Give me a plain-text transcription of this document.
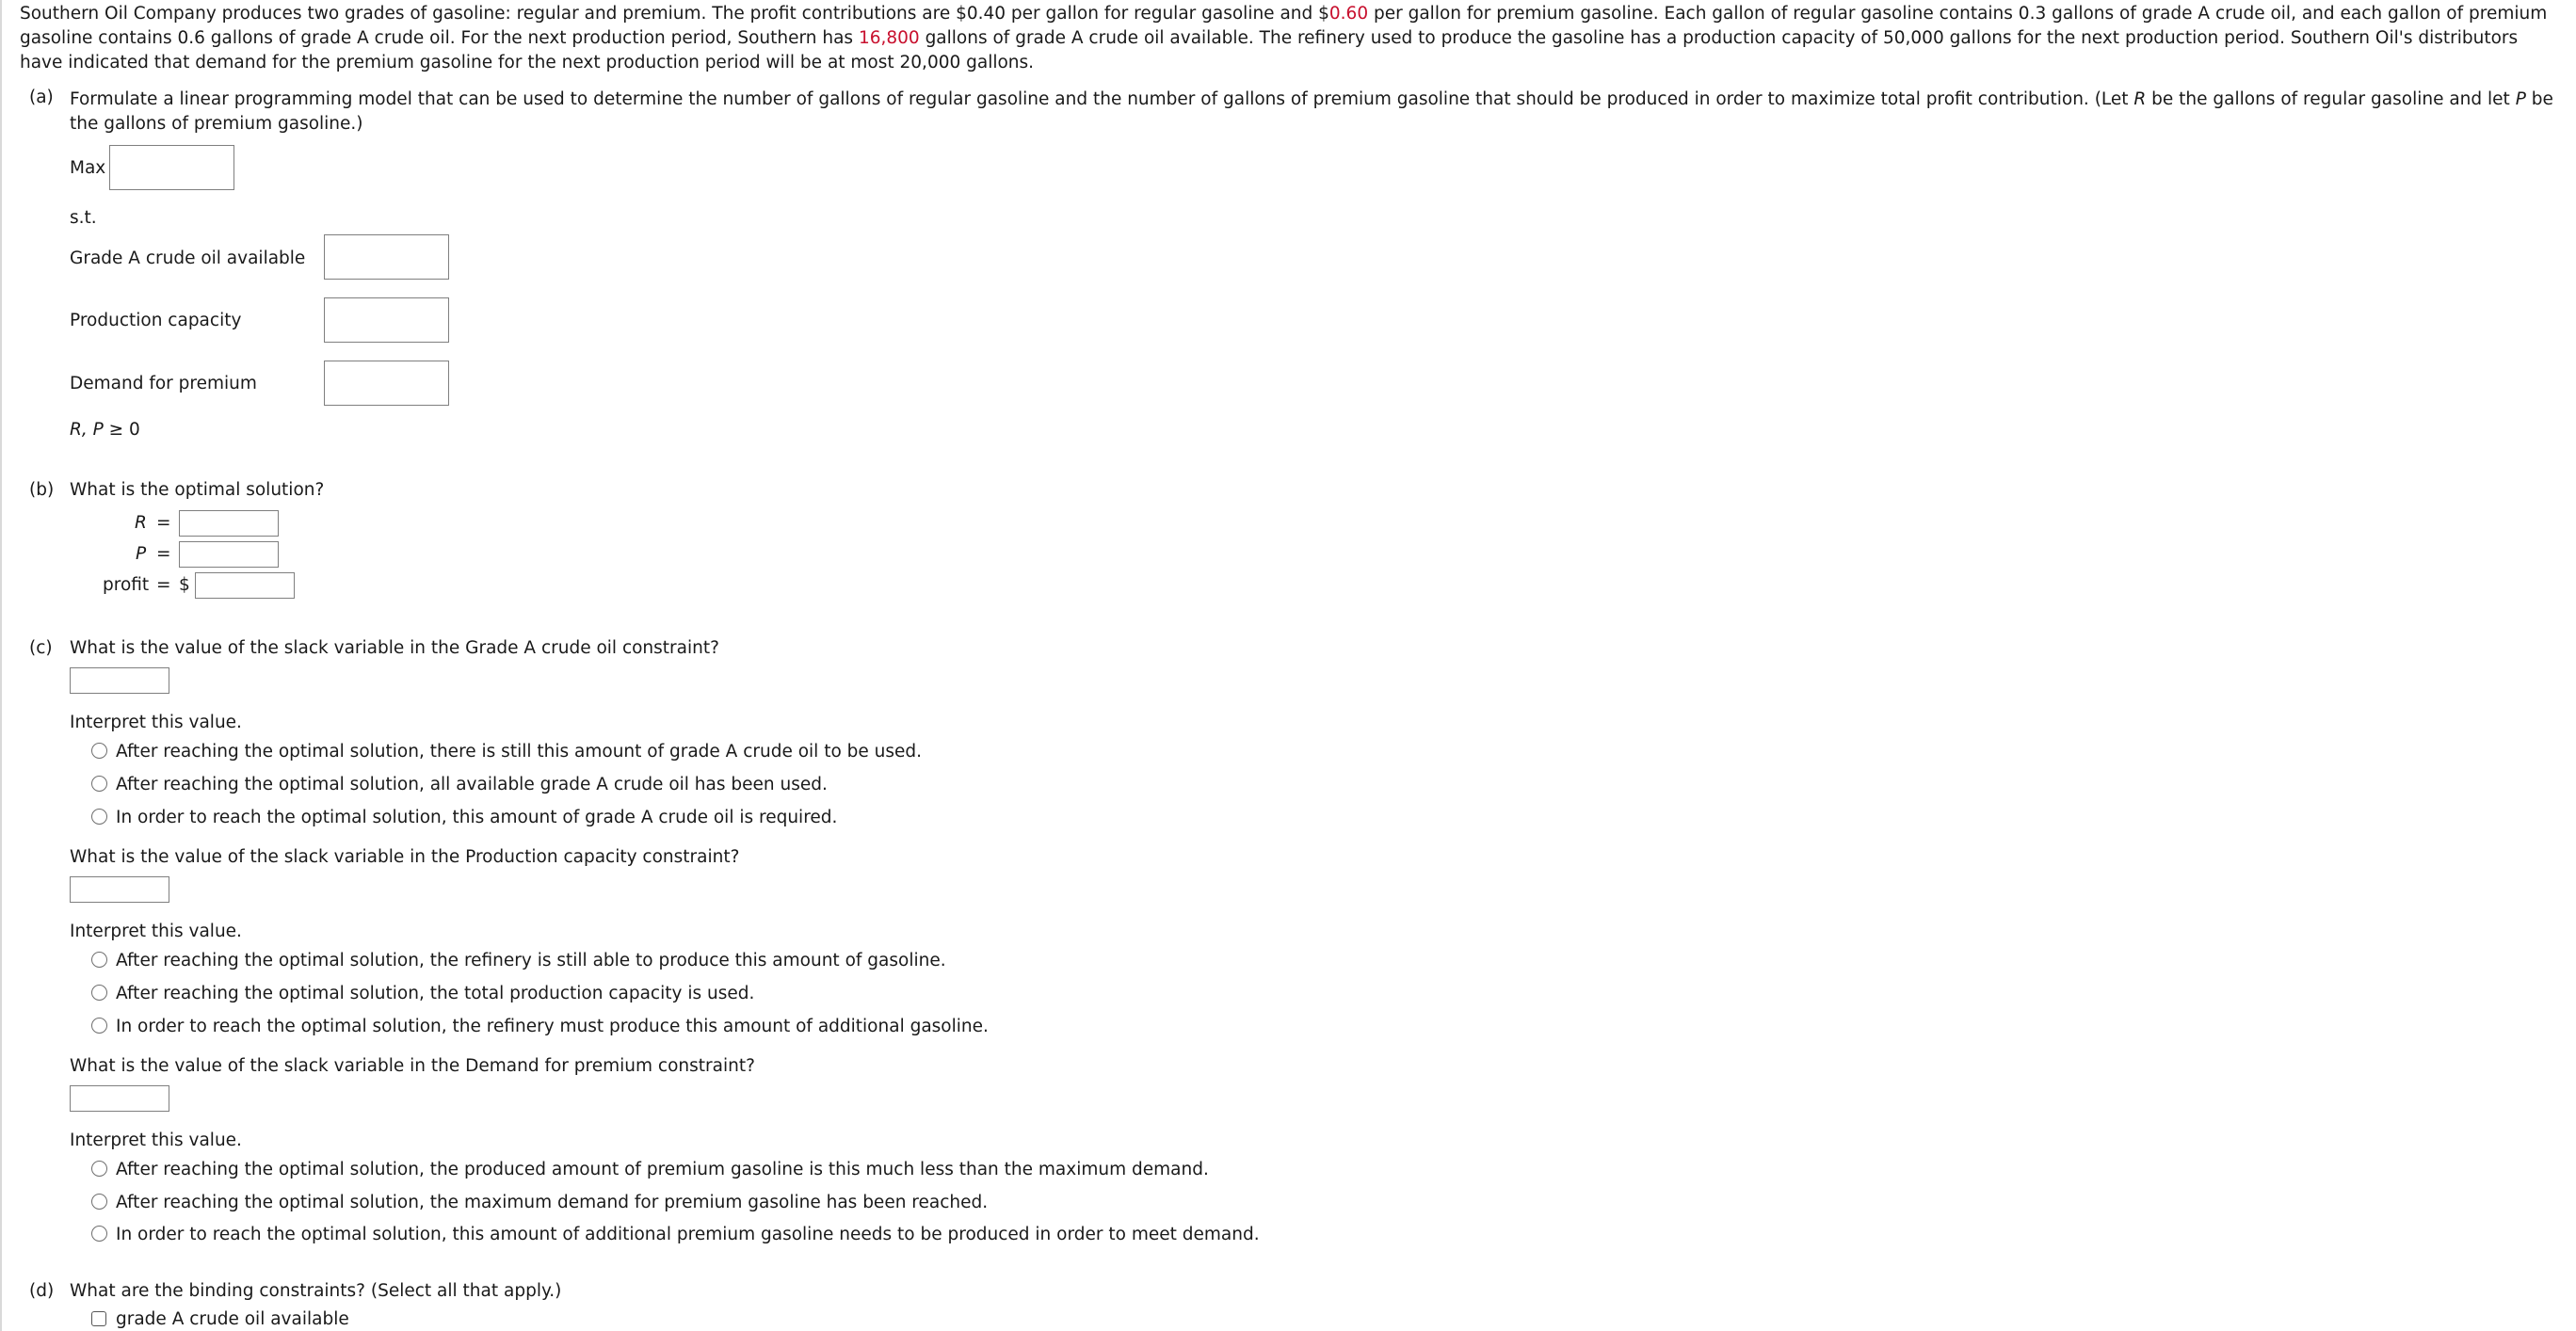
Southern Oil Company produces two grades of gasoline: regular and premium. The profit contributions are $0.40 per gallon for regular gasoline and $0.60 per gallon for premium gasoline. Each gallon of regular gasoline contains 0.3 gallons of grade A crude oil, and each gallon of premium gasoline contains 0.6 gallons of grade A crude oil. For the next production period, Southern has 16,800 gallons of grade A crude oil available. The refinery used to produce the gasoline has a production capacity of 50,000 gallons for the next production period. Southern Oil's distributors have indicated that demand for the premium gasoline for the next production period will be at most 20,000 gallons.
(a) Formulate a linear programming model that can be used to determine the number of gallons of regular gasoline and the number of gallons of premium gasoline that should be produced in order to maximize total profit contribution. (Let R be the gallons of regular gasoline and let P be the gallons of premium gasoline.)
Max
s.t.
Grade A crude oil available
Production capacity
Demand for premium
R, P ≥ 0
(b) What is the optimal solution?
R =
P =
profit = $
(c) What is the value of the slack variable in the Grade A crude oil constraint?
Interpret this value.
After reaching the optimal solution, there is still this amount of grade A crude oil to be used.
After reaching the optimal solution, all available grade A crude oil has been used.
In order to reach the optimal solution, this amount of grade A crude oil is required.
What is the value of the slack variable in the Production capacity constraint?
Interpret this value.
After reaching the optimal solution, the refinery is still able to produce this amount of gasoline.
After reaching the optimal solution, the total production capacity is used.
In order to reach the optimal solution, the refinery must produce this amount of additional gasoline.
What is the value of the slack variable in the Demand for premium constraint?
Interpret this value.
After reaching the optimal solution, the produced amount of premium gasoline is this much less than the maximum demand.
After reaching the optimal solution, the maximum demand for premium gasoline has been reached.
In order to reach the optimal solution, this amount of additional premium gasoline needs to be produced in order to meet demand.
(d) What are the binding constraints? (Select all that apply.)
grade A crude oil available
